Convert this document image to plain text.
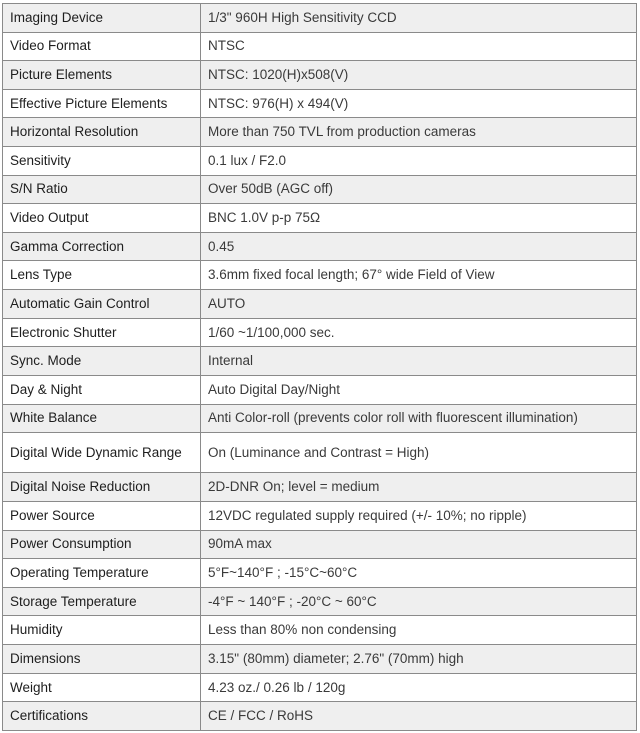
Imaging Device	1/3" 960H High Sensitivity CCD
Video Format	NTSC
Picture Elements	NTSC: 1020(H)x508(V)
Effective Picture Elements	NTSC: 976(H) x 494(V)
Horizontal Resolution	More than 750 TVL from production cameras
Sensitivity	0.1 lux / F2.0
S/N Ratio	Over 50dB (AGC off)
Video Output	BNC 1.0V p-p 75Ω
Gamma Correction	0.45
Lens Type	3.6mm fixed focal length; 67° wide Field of View
Automatic Gain Control	AUTO
Electronic Shutter	1/60 ~1/100,000 sec.
Sync. Mode	Internal
Day & Night	Auto Digital Day/Night
White Balance	Anti Color-roll (prevents color roll with fluorescent illumination)
Digital Wide Dynamic Range	On (Luminance and Contrast = High)
Digital Noise Reduction	2D-DNR On; level = medium
Power Source	12VDC regulated supply required (+/- 10%; no ripple)
Power Consumption	90mA max
Operating Temperature	5°F~140°F ; -15°C~60°C
Storage Temperature	-4°F ~ 140°F ; -20°C ~ 60°C
Humidity	Less than 80% non condensing
Dimensions	3.15" (80mm) diameter; 2.76" (70mm) high
Weight	4.23 oz./ 0.26 lb / 120g
Certifications	CE / FCC / RoHS
